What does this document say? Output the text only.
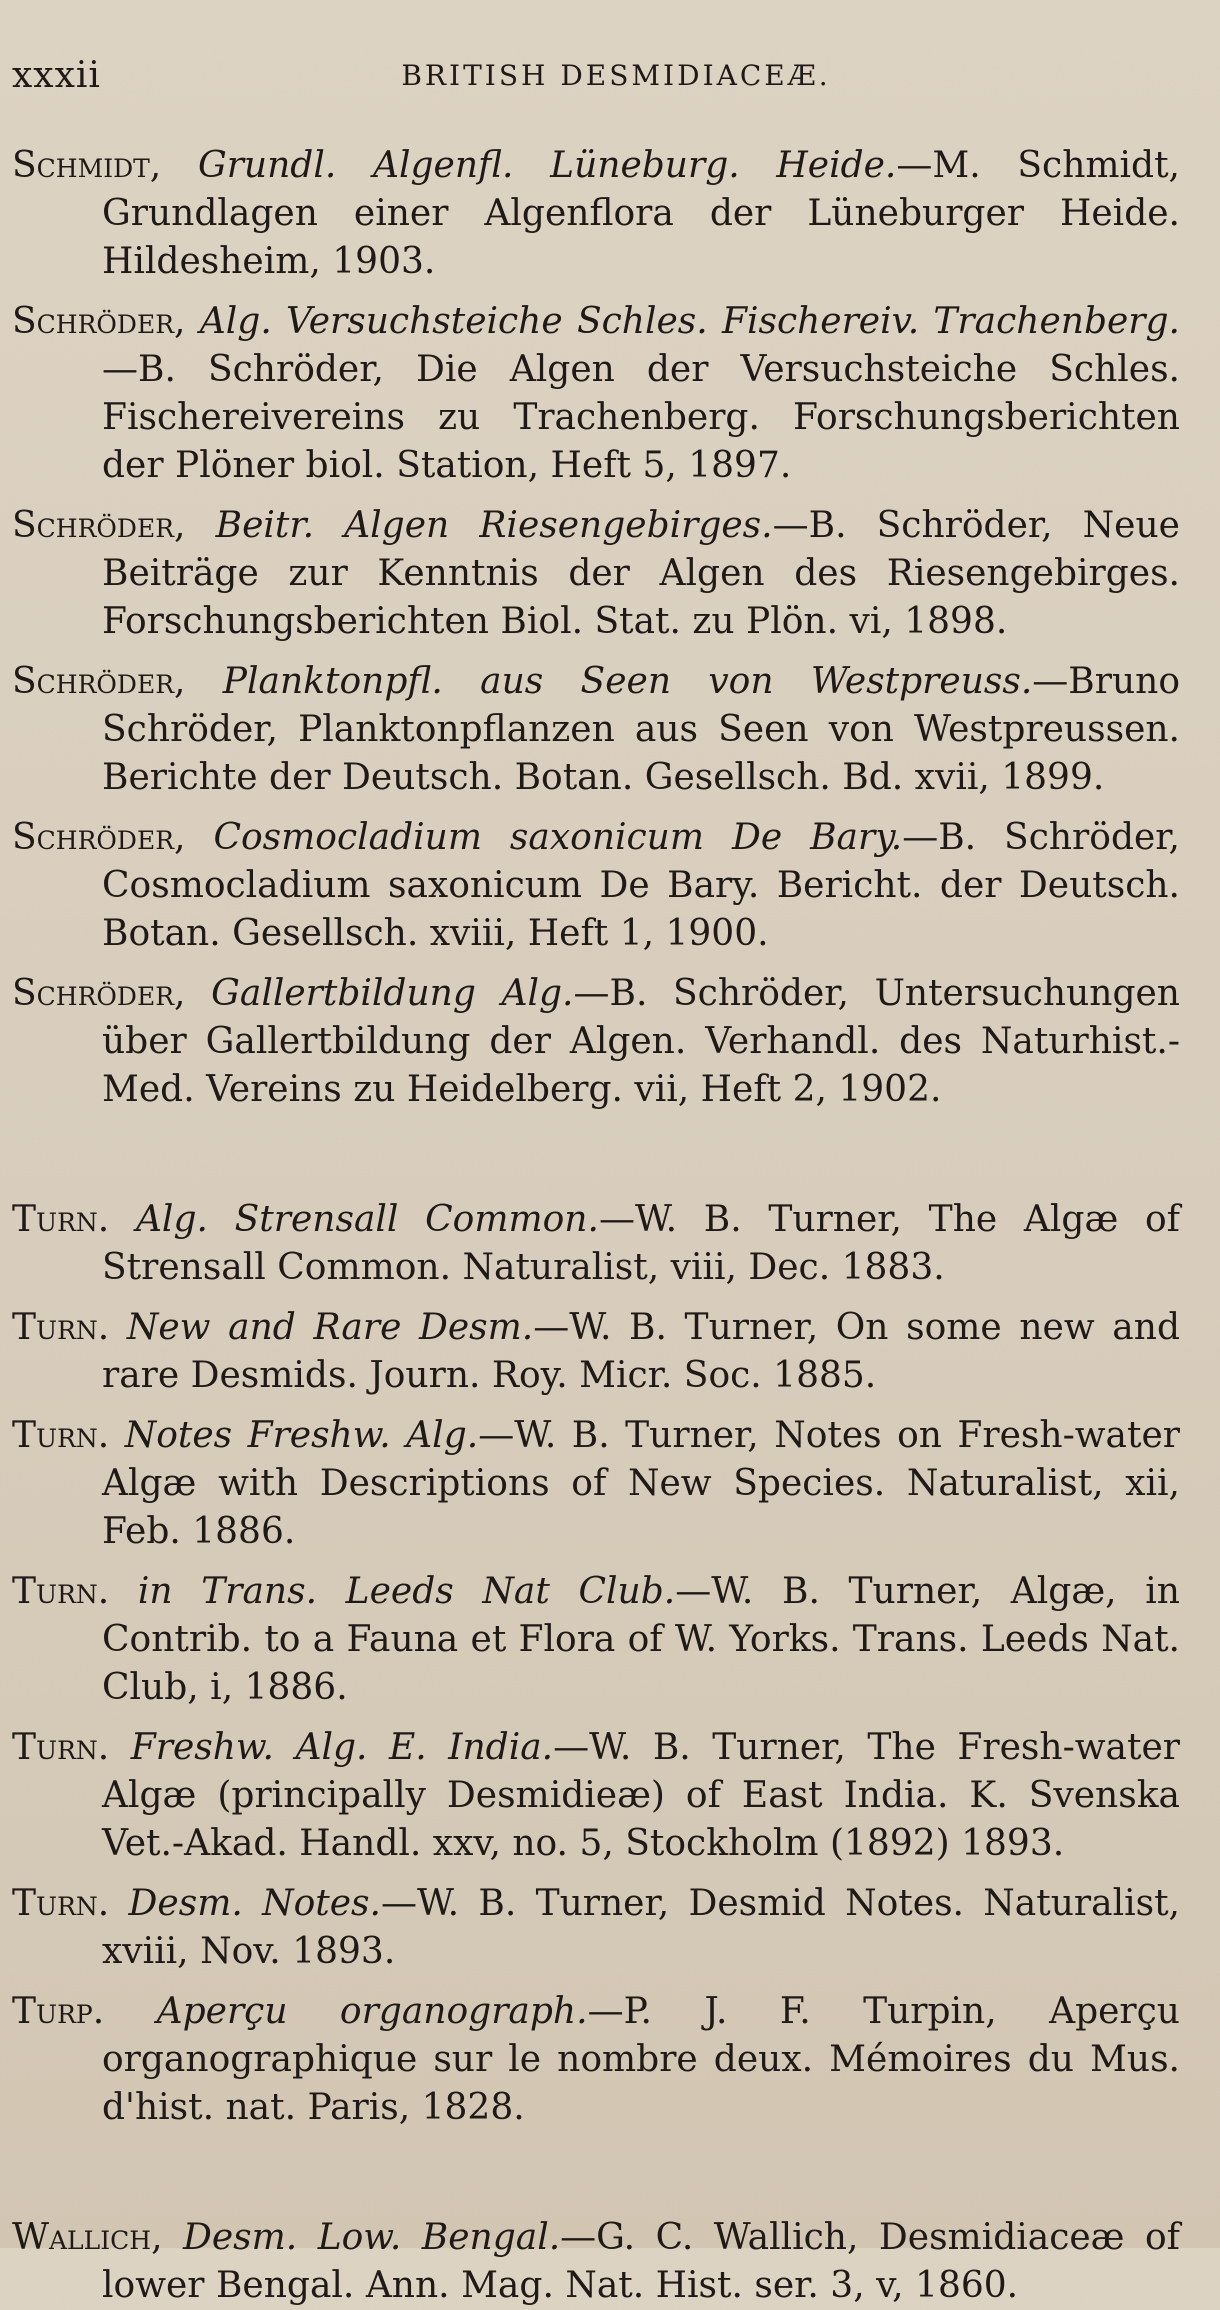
xxxii	BRITISH DESMIDIACEÆ.

Schmidt, Grundl. Algenfl. Lüneburg. Heide.—M. Schmidt, Grundlagen einer Algenflora der Lüneburger Heide. Hildesheim, 1903.

Schröder, Alg. Versuchsteiche Schles. Fischereiv. Trachenberg.—B. Schröder, Die Algen der Versuchsteiche Schles. Fischereivereins zu Trachenberg. Forschungsberichten der Plöner biol. Station, Heft 5, 1897.

Schröder, Beitr. Algen Riesengebirges.—B. Schröder, Neue Beiträge zur Kenntnis der Algen des Riesengebirges. Forschungsberichten Biol. Stat. zu Plön. vi, 1898.

Schröder, Planktonpfl. aus Seen von Westpreuss.—Bruno Schröder, Planktonpflanzen aus Seen von Westpreussen. Berichte der Deutsch. Botan. Gesellsch. Bd. xvii, 1899.

Schröder, Cosmocladium saxonicum De Bary.—B. Schröder, Cosmocladium saxonicum De Bary. Bericht. der Deutsch. Botan. Gesellsch. xviii, Heft 1, 1900.

Schröder, Gallertbildung Alg.—B. Schröder, Untersuchungen über Gallertbildung der Algen. Verhandl. des Naturhist.-Med. Vereins zu Heidelberg. vii, Heft 2, 1902.

Turn. Alg. Strensall Common.—W. B. Turner, The Algæ of Strensall Common. Naturalist, viii, Dec. 1883.

Turn. New and Rare Desm.—W. B. Turner, On some new and rare Desmids. Journ. Roy. Micr. Soc. 1885.

Turn. Notes Freshw. Alg.—W. B. Turner, Notes on Fresh-water Algæ with Descriptions of New Species. Naturalist, xii, Feb. 1886.

Turn. in Trans. Leeds Nat Club.—W. B. Turner, Algæ, in Contrib. to a Fauna et Flora of W. Yorks. Trans. Leeds Nat. Club, i, 1886.

Turn. Freshw. Alg. E. India.—W. B. Turner, The Fresh-water Algæ (principally Desmidieæ) of East India. K. Svenska Vet.-Akad. Handl. xxv, no. 5, Stockholm (1892) 1893.

Turn. Desm. Notes.—W. B. Turner, Desmid Notes. Naturalist, xviii, Nov. 1893.

Turp. Aperçu organograph.—P. J. F. Turpin, Aperçu organographique sur le nombre deux. Mémoires du Mus. d'hist. nat. Paris, 1828.

Wallich, Desm. Low. Bengal.—G. C. Wallich, Desmidiaceæ of lower Bengal. Ann. Mag. Nat. Hist. ser. 3, v, 1860.
